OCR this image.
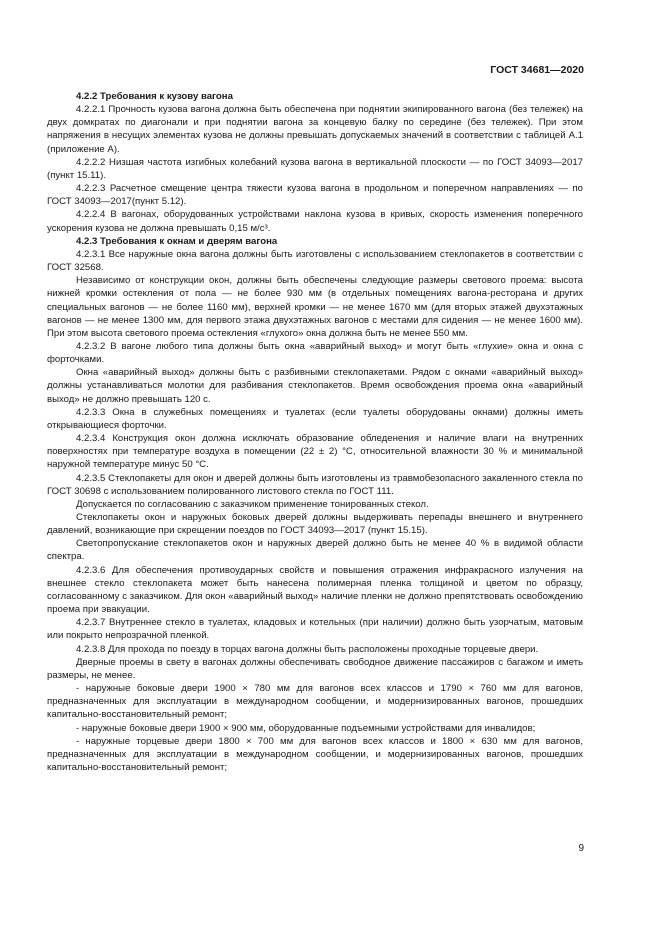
ГОСТ 34681—2020

4.2.2 Требования к кузову вагона

4.2.2.1 Прочность кузова вагона должна быть обеспечена при поднятии экипированного вагона (без тележек) на двух домкратах по диагонали и при поднятии вагона за концевую балку по середине (без тележек). При этом напряжения в несущих элементах кузова не должны превышать допускаемых значений в соответствии с таблицей А.1 (приложение А).

4.2.2.2 Низшая частота изгибных колебаний кузова вагона в вертикальной плоскости — по ГОСТ 34093—2017 (пункт 15.11).

4.2.2.3 Расчетное смещение центра тяжести кузова вагона в продольном и поперечном направлениях — по ГОСТ 34093—2017(пункт 5.12).

4.2.2.4 В вагонах, оборудованных устройствами наклона кузова в кривых, скорость изменения поперечного ускорения кузова не должна превышать 0,15 м/с³.

4.2.3 Требования к окнам и дверям вагона

4.2.3.1 Все наружные окна вагона должны быть изготовлены с использованием стеклопакетов в соответствии с ГОСТ 32568.

Независимо от конструкции окон, должны быть обеспечены следующие размеры светового проема: высота нижней кромки остекления от пола — не более 930 мм (в отдельных помещениях вагона-ресторана и других специальных вагонов — не более 1160 мм), верхней кромки — не менее 1670 мм (для вторых этажей двухэтажных вагонов — не менее 1300 мм, для первого этажа двухэтажных вагонов с местами для сидения — не менее 1600 мм). При этом высота светового проема остекления «глухого» окна должна быть не менее 550 мм.

4.2.3.2 В вагоне любого типа должны быть окна «аварийный выход» и могут быть «глухие» окна и окна с форточками.

Окна «аварийный выход» должны быть с разбивными стеклопакетами. Рядом с окнами «аварийный выход» должны устанавливаться молотки для разбивания стеклопакетов. Время освобождения проема окна «аварийный выход» не должно превышать 120 с.

4.2.3.3 Окна в служебных помещениях и туалетах (если туалеты оборудованы окнами) должны иметь открывающиеся форточки.

4.2.3.4 Конструкция окон должна исключать образование обледенения и наличие влаги на внутренних поверхностях при температуре воздуха в помещении (22 ± 2) °С, относительной влажности 30 % и минимальной наружной температуре минус 50 °С.

4.2.3.5 Стеклопакеты для окон и дверей должны быть изготовлены из травмобезопасного закаленного стекла по ГОСТ 30698 с использованием полированного листового стекла по ГОСТ 111.

Допускается по согласованию с заказчиком применение тонированных стекол.

Стеклопакеты окон и наружных боковых дверей должны выдерживать перепады внешнего и внутреннего давлений, возникающие при скрещении поездов по ГОСТ 34093—2017 (пункт 15.15).

Светопропускание стеклопакетов окон и наружных дверей должно быть не менее 40 % в видимой области спектра.

4.2.3.6 Для обеспечения противоударных свойств и повышения отражения инфракрасного излучения на внешнее стекло стеклопакета может быть нанесена полимерная пленка толщиной и цветом по образцу, согласованному с заказчиком. Для окон «аварийный выход» наличие пленки не должно препятствовать освобождению проема при эвакуации.

4.2.3.7 Внутреннее стекло в туалетах, кладовых и котельных (при наличии) должно быть узорчатым, матовым или покрыто непрозрачной пленкой.

4.2.3.8 Для прохода по поезду в торцах вагона должны быть расположены проходные торцевые двери.

Дверные проемы в свету в вагонах должны обеспечивать свободное движение пассажиров с багажом и иметь размеры, не менее.

- наружные боковые двери 1900 × 780 мм для вагонов всех классов и 1790 × 760 мм для вагонов, предназначенных для эксплуатации в международном сообщении, и модернизированных вагонов, прошедших капитально-восстановительный ремонт;

- наружные боковые двери 1900 × 900 мм, оборудованные подъемными устройствами для инвалидов;

- наружные торцевые двери 1800 × 700 мм для вагонов всех классов и 1800 × 630 мм для вагонов, предназначенных для эксплуатации в международном сообщении, и модернизированных вагонов, прошедших капитально-восстановительный ремонт;

9
